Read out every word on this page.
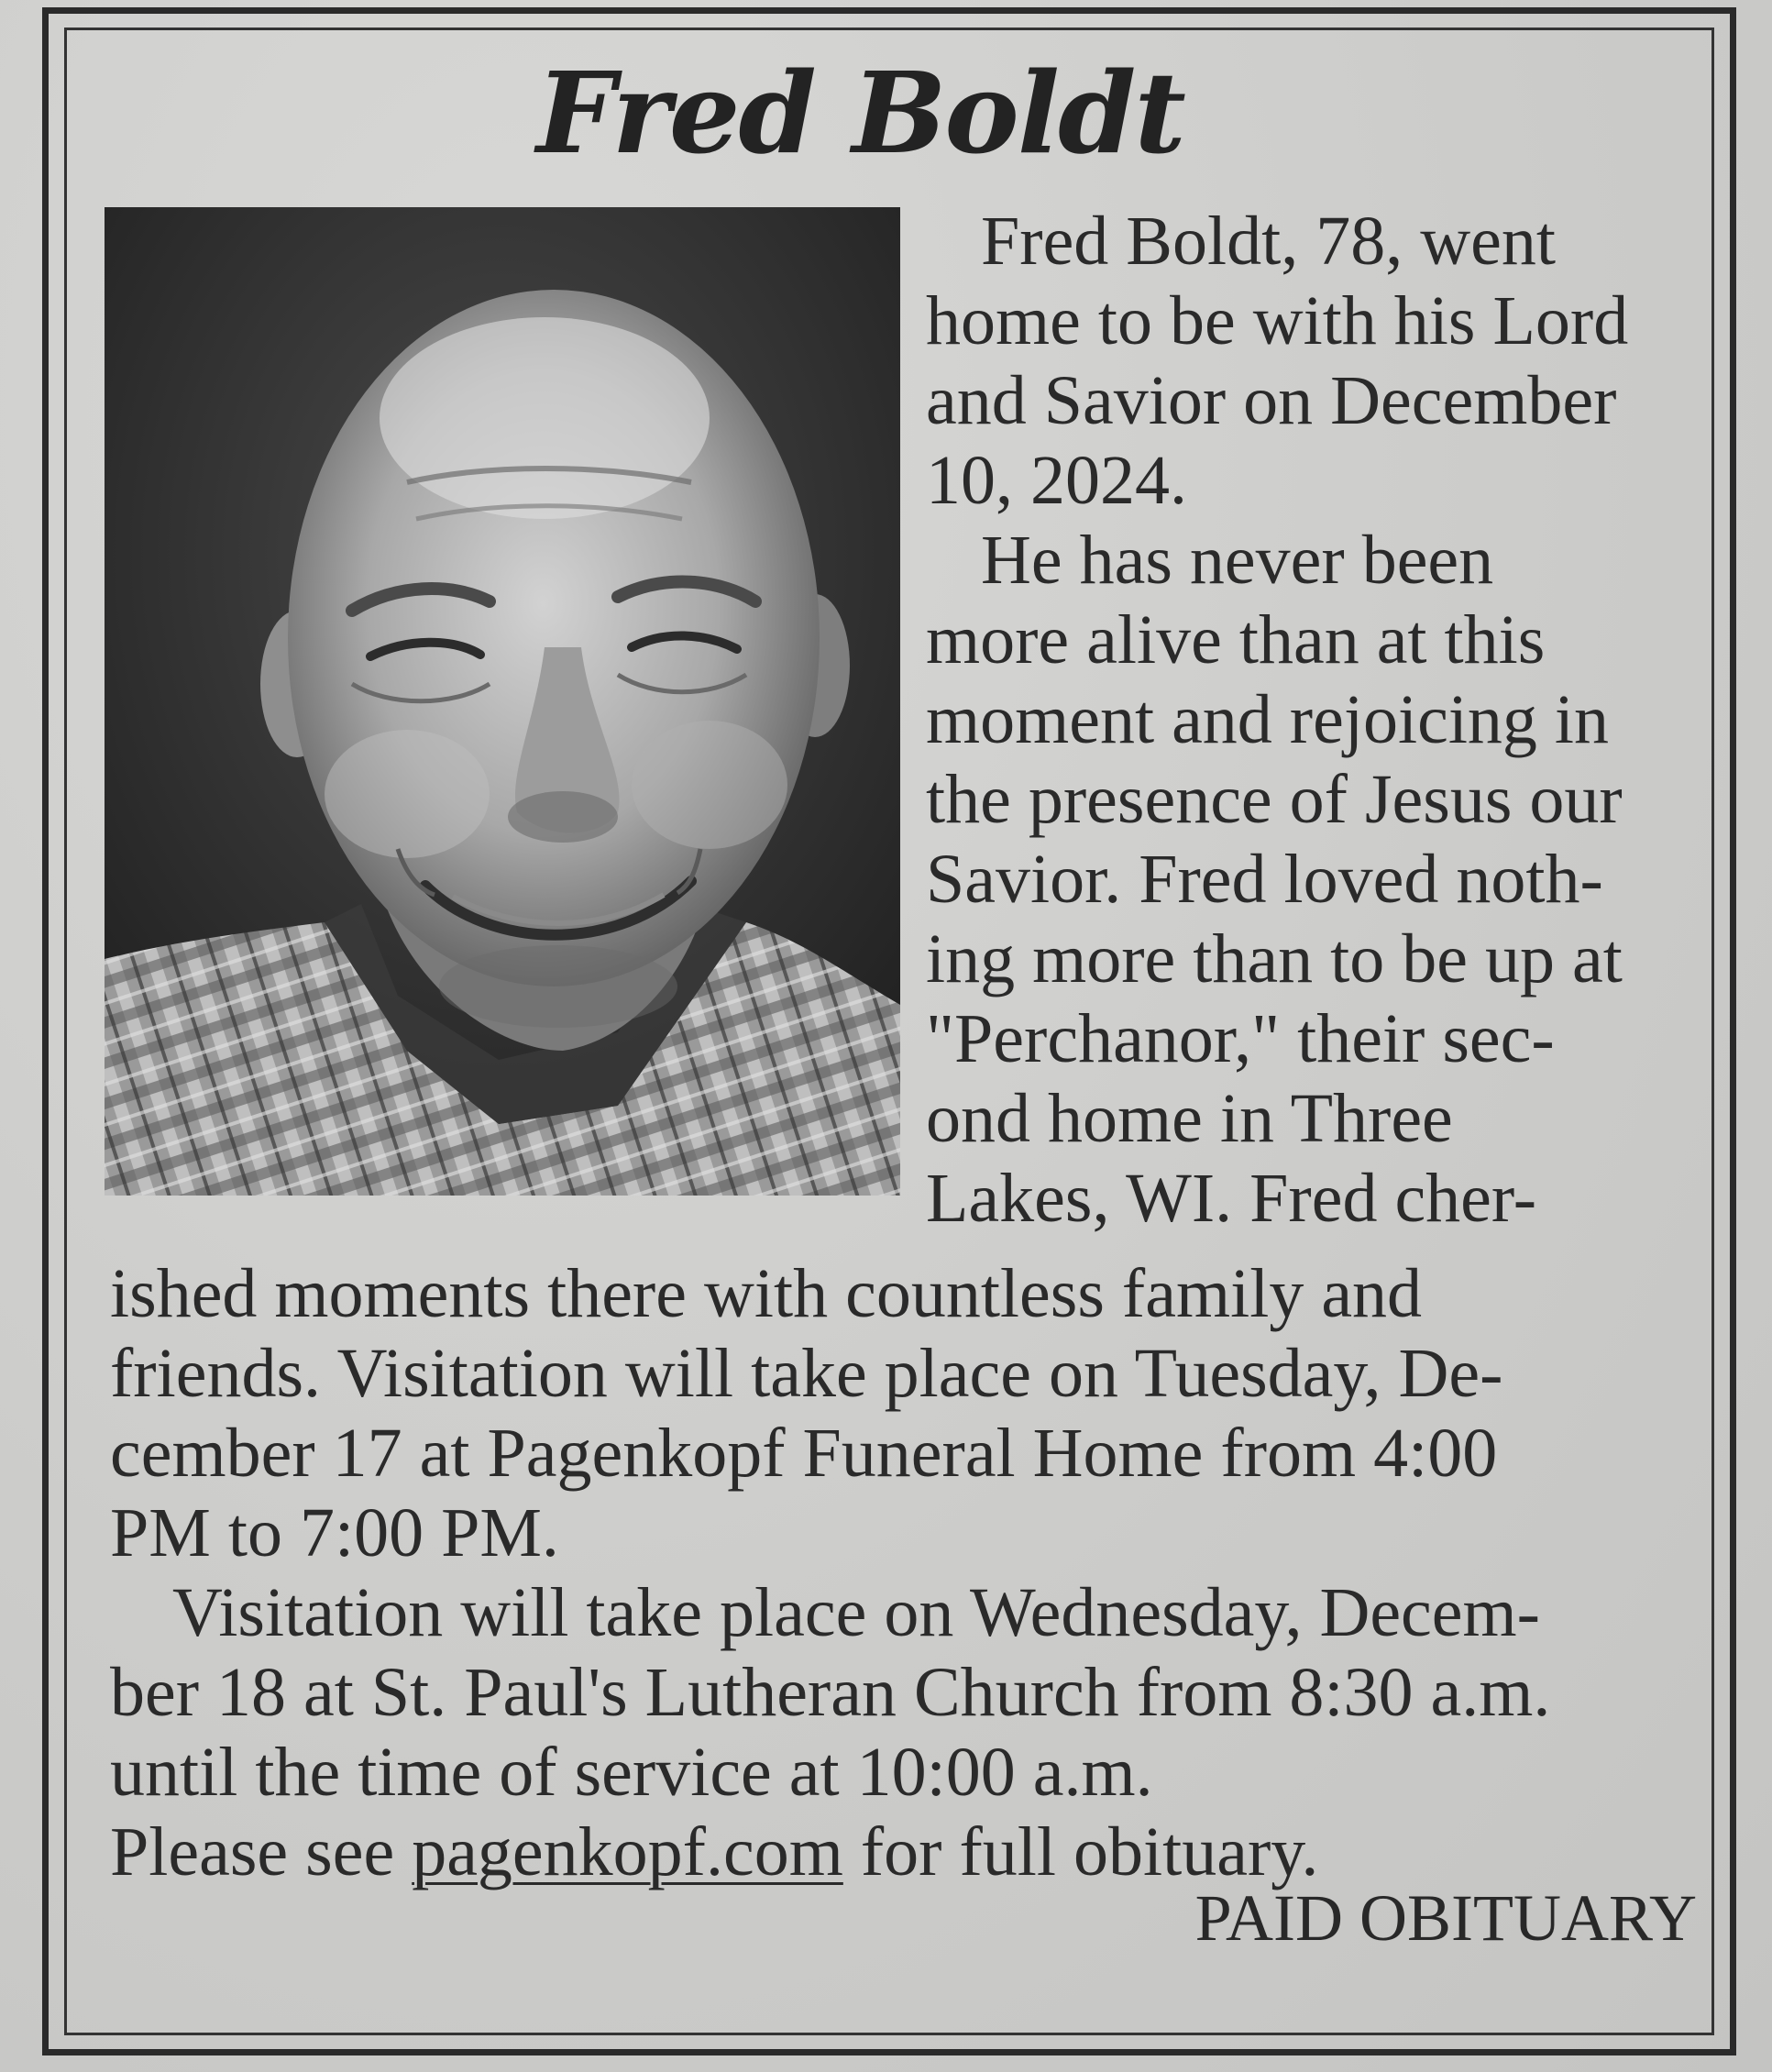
Fred Boldt
Fred Boldt, 78, went
home to be with his Lord
and Savior on December
10, 2024.
He has never been
more alive than at this
moment and rejoicing in
the presence of Jesus our
Savior. Fred loved noth-
ing more than to be up at
"Perchanor," their sec-
ond home in Three
Lakes, WI. Fred cher-
ished moments there with countless family and
friends. Visitation will take place on Tuesday, De-
cember 17 at Pagenkopf Funeral Home from 4:00
PM to 7:00 PM.
Visitation will take place on Wednesday, Decem-
ber 18 at St. Paul's Lutheran Church from 8:30 a.m.
until the time of service at 10:00 a.m.
Please see pagenkopf.com for full obituary.
PAID OBITUARY
